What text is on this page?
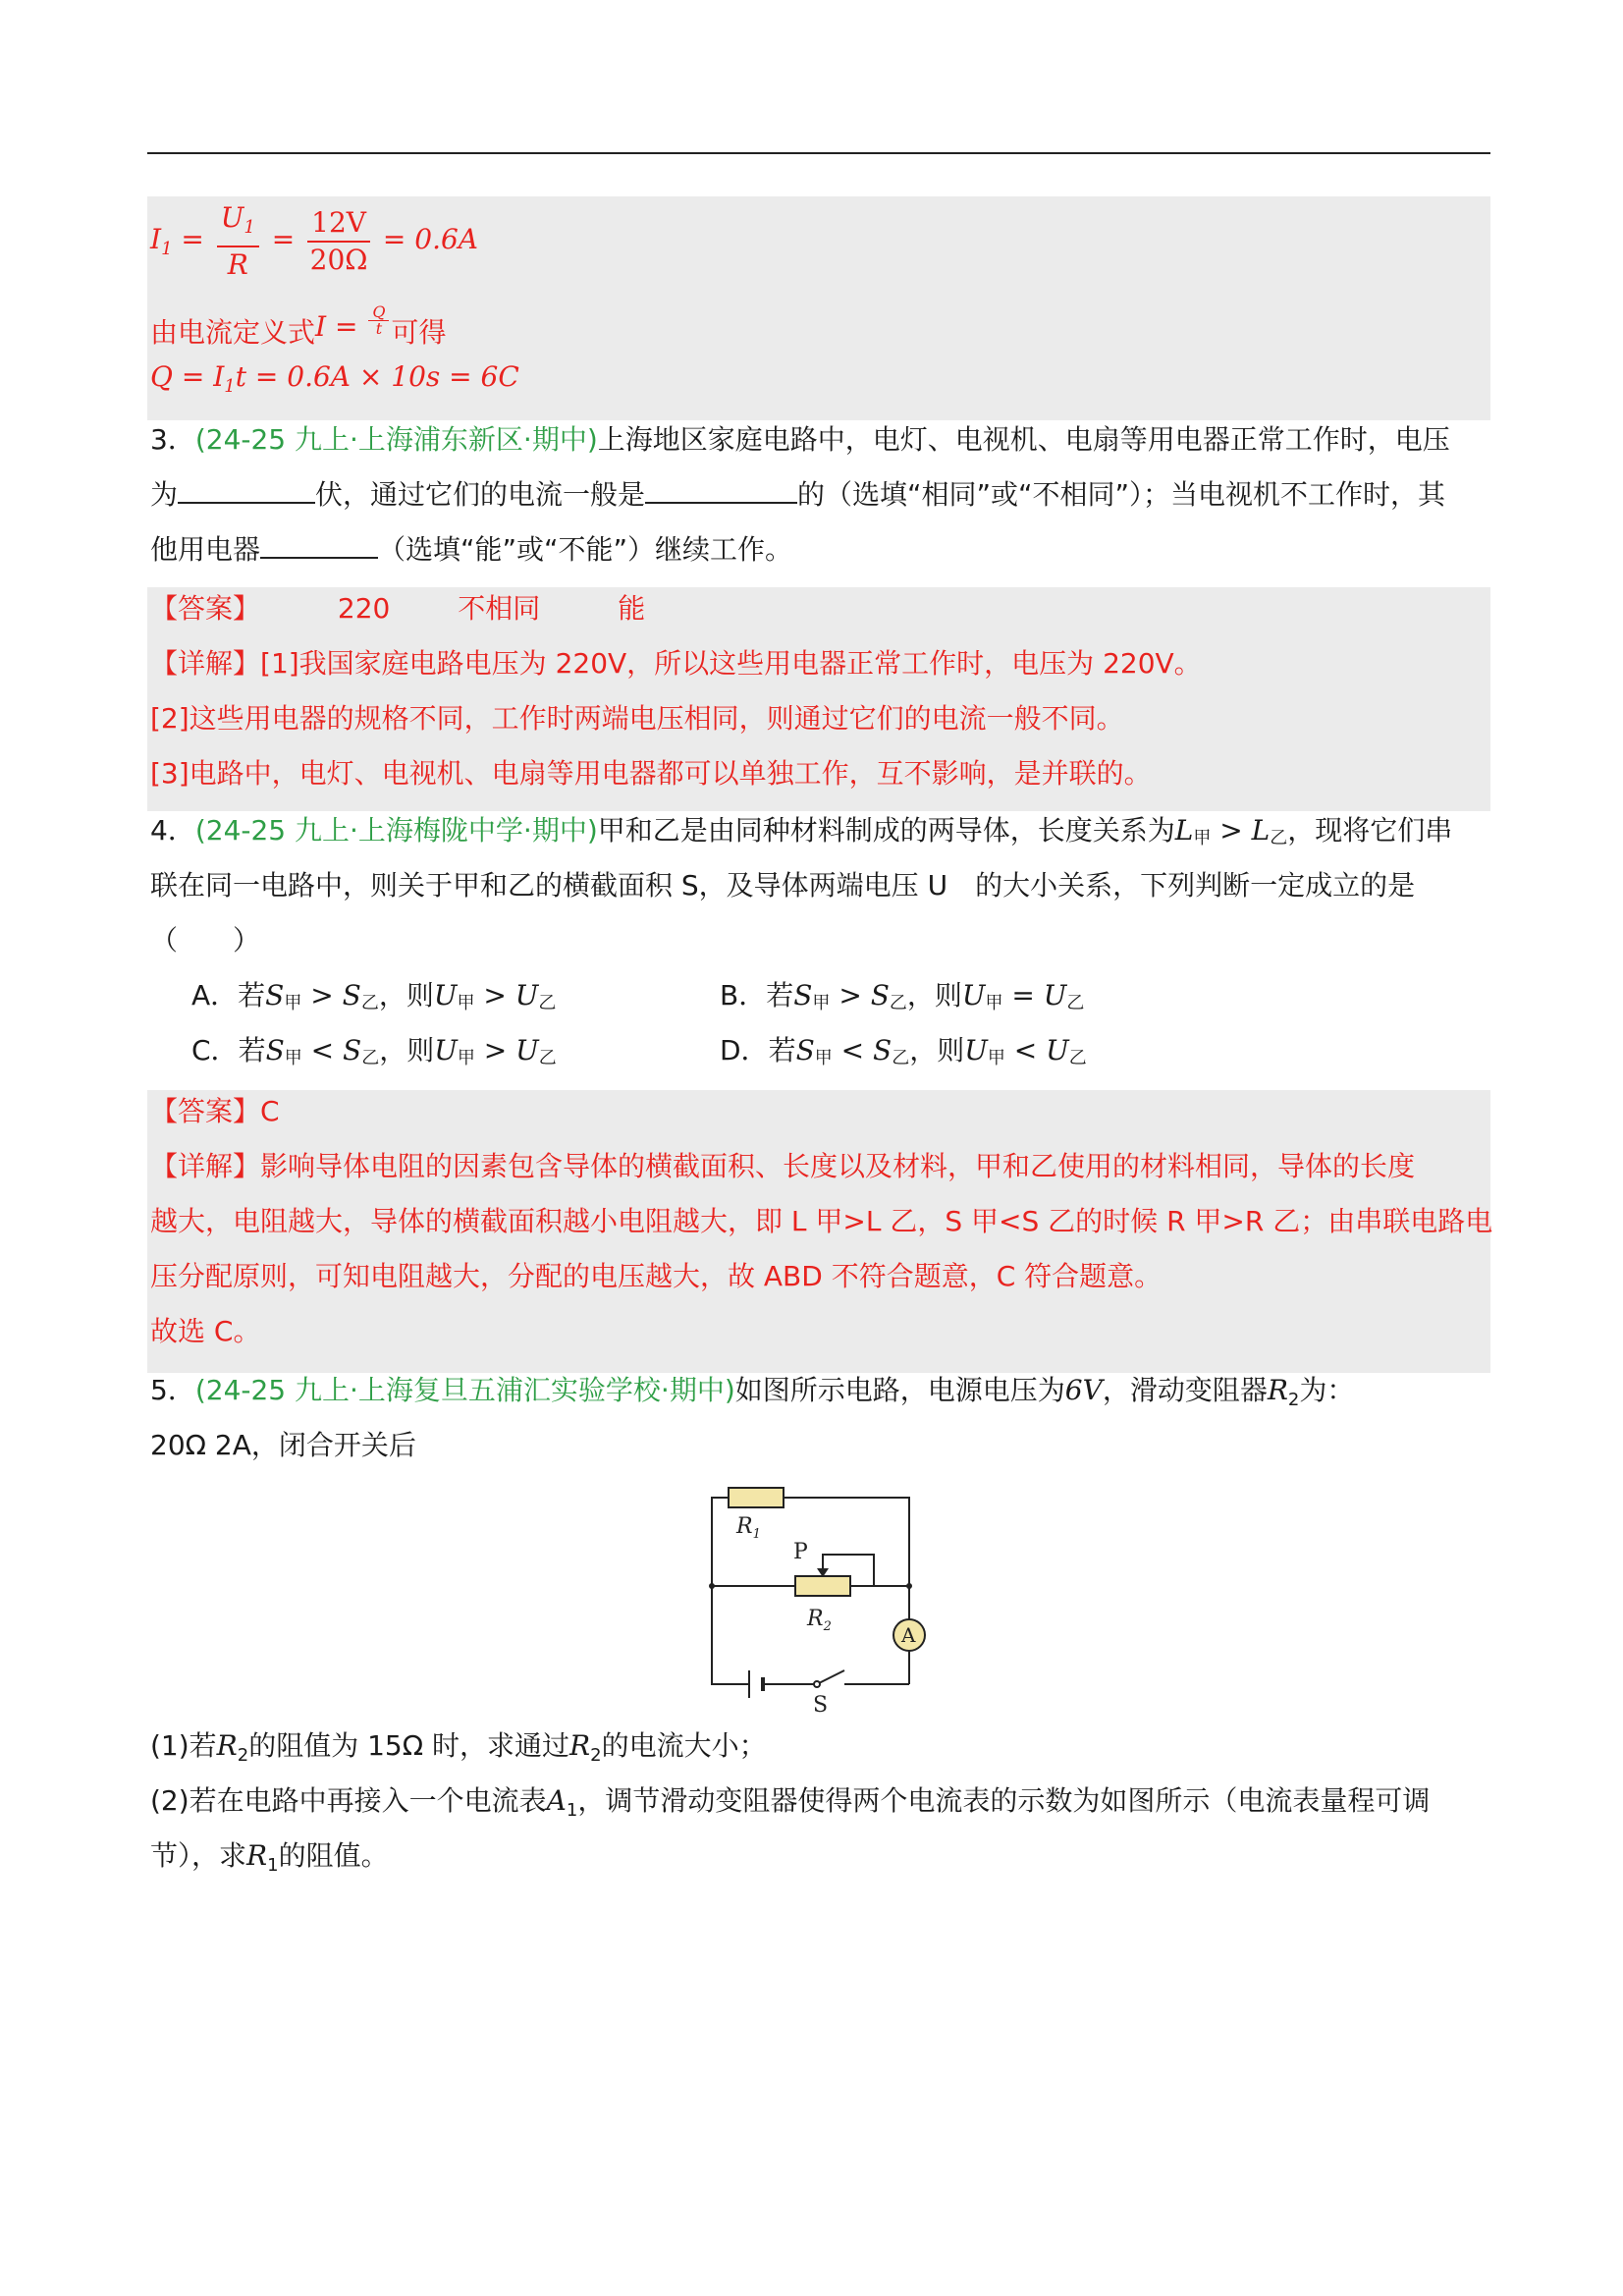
$I_1 = \frac{U_1}{R} = \frac{12V}{20\Omega} = 0.6A$
由电流定义式$I = \frac{Q}{t}$ 可得
$Q = I_1t = 0.6A \times 10s = 6C$
3．(24-25 九上·上海浦东新区·期中)上海地区家庭电路中，电灯、电视机、电扇等用电器正常工作时，电压
为	伏，通过它们的电流一般是	的（选填“相同”或“不相同”）；当电视机不工作时，其
他用电器	（选填“能”或“不能”）继续工作。
【答案】	220 不相同	能
【详解】[1]我国家庭电路电压为 220V，所以这些用电器正常工作时，电压为 220V。
[2]这些用电器的规格不同，工作时两端电压相同，则通过它们的电流一般不同。
[3]电路中，电灯、电视机、电扇等用电器都可以单独工作，互不影响，是并联的。
4．(24-25 九上·上海梅陇中学·期中)甲和乙是由同种材料制成的两导体，长度关系为$L_甲 > L_乙$，现将它们串
联在同一电路中，则关于甲和乙的横截面积 S，及导体两端电压 U　的大小关系，下列判断一定成立的是
（　　）
A．若$S_甲 > S_乙$，则$U_甲 > U_乙$	B．若$S_甲 > S_乙$，则$U_甲 = U_乙$
C．若$S_甲 < S_乙$，则$U_甲 > U_乙$	D．若$S_甲 < S_乙$，则$U_甲 < U_乙$
【答案】C
【详解】影响导体电阻的因素包含导体的横截面积、长度以及材料，甲和乙使用的材料相同，导体的长度
越大，电阻越大，导体的横截面积越小电阻越大，即 L 甲>L 乙，S 甲<S 乙的时候 R 甲>R 乙；由串联电路电
压分配原则，可知电阻越大，分配的电压越大，故 ABD 不符合题意，C 符合题意。
故选 C。
5．(24-25 九上·上海复旦五浦汇实验学校·期中)如图所示电路，电源电压为6V，滑动变阻器$R_2$为：
20Ω 2A，闭合开关后
$R_1$
P
$R_2$	A
S
(1)若$R_2$的阻值为 15Ω 时，求通过$R_2$的电流大小；
(2)若在电路中再接入一个电流表$A_1$，调节滑动变阻器使得两个电流表的示数为如图所示（电流表量程可调
节），求$R_1$的阻值。
